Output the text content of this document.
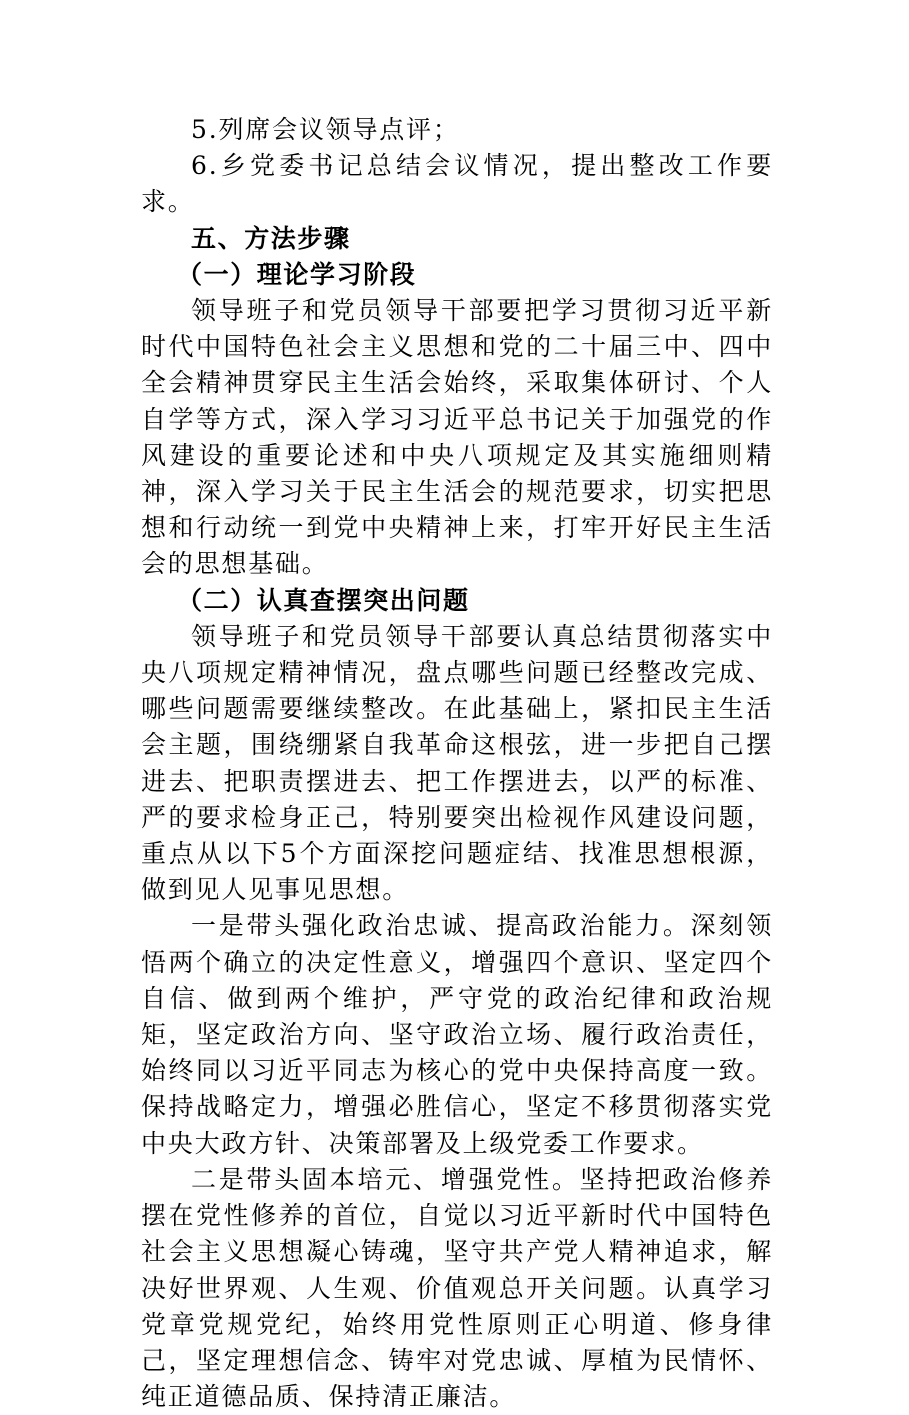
5.列席会议领导点评；

6.乡党委书记总结会议情况，提出整改工作要求。

五、方法步骤

（一）理论学习阶段

领导班子和党员领导干部要把学习贯彻习近平新时代中国特色社会主义思想和党的二十届三中、四中全会精神贯穿民主生活会始终，采取集体研讨、个人自学等方式，深入学习习近平总书记关于加强党的作风建设的重要论述和中央八项规定及其实施细则精神，深入学习关于民主生活会的规范要求，切实把思想和行动统一到党中央精神上来，打牢开好民主生活会的思想基础。

（二）认真查摆突出问题

领导班子和党员领导干部要认真总结贯彻落实中央八项规定精神情况，盘点哪些问题已经整改完成、哪些问题需要继续整改。在此基础上，紧扣民主生活会主题，围绕绷紧自我革命这根弦，进一步把自己摆进去、把职责摆进去、把工作摆进去，以严的标准、严的要求检身正己，特别要突出检视作风建设问题，重点从以下5个方面深挖问题症结、找准思想根源，做到见人见事见思想。

一是带头强化政治忠诚、提高政治能力。深刻领悟两个确立的决定性意义，增强四个意识、坚定四个自信、做到两个维护，严守党的政治纪律和政治规矩，坚定政治方向、坚守政治立场、履行政治责任，始终同以习近平同志为核心的党中央保持高度一致。保持战略定力，增强必胜信心，坚定不移贯彻落实党中央大政方针、决策部署及上级党委工作要求。

二是带头固本培元、增强党性。坚持把政治修养摆在党性修养的首位，自觉以习近平新时代中国特色社会主义思想凝心铸魂，坚守共产党人精神追求，解决好世界观、人生观、价值观总开关问题。认真学习党章党规党纪，始终用党性原则正心明道、修身律己，坚定理想信念、铸牢对党忠诚、厚植为民情怀、纯正道德品质、保持清正廉洁。
